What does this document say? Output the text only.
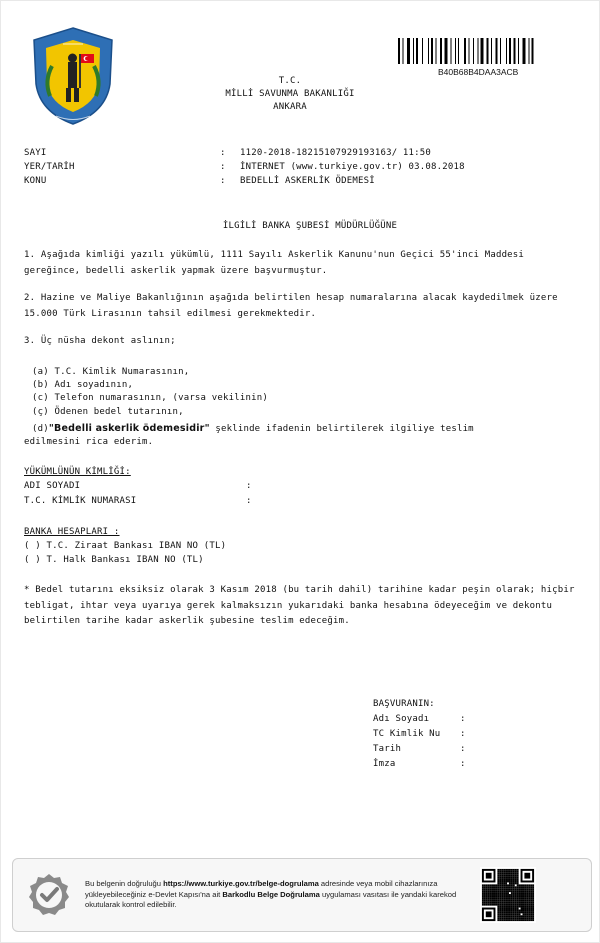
B40B68B4DAA3ACB
T.C.
MİLLİ SAVUNMA BAKANLIĞI
ANKARA
SAYI	: 1120-2018-18215107929193163/ 11:50
YER/TARİH	: İNTERNET (www.turkiye.gov.tr) 03.08.2018
KONU	: BEDELLİ ASKERLİK ÖDEMESİ
İLGİLİ BANKA ŞUBESİ MÜDÜRLÜĞÜNE
1. Aşağıda kimliği yazılı yükümlü, 1111 Sayılı Askerlik Kanunu'nun Geçici 55'inci Maddesi gereğince, bedelli askerlik yapmak üzere başvurmuştur.
2. Hazine ve Maliye Bakanlığının aşağıda belirtilen hesap numaralarına alacak kaydedilmek üzere 15.000 Türk Lirasının tahsil edilmesi gerekmektedir.
3. Üç nüsha dekont aslının;
(a) T.C. Kimlik Numarasının,
(b) Adı soyadının,
(c) Telefon numarasının, (varsa vekilinin)
(ç) Ödenen bedel tutarının,
(d)"Bedelli askerlik ödemesidir" şeklinde ifadenin belirtilerek ilgiliye teslim
edilmesini rica ederim.
YÜKÜMLÜNÜN KİMLİĞİ:
ADI SOYADI	:
T.C. KİMLİK NUMARASI	:
BANKA HESAPLARI :
( ) T.C. Ziraat Bankası IBAN NO (TL)
( ) T. Halk Bankası IBAN NO (TL)
* Bedel tutarını eksiksiz olarak 3 Kasım 2018 (bu tarih dahil) tarihine kadar peşin olarak; hiçbir tebligat, ihtar veya uyarıya gerek kalmaksızın yukarıdaki banka hesabına ödeyeceğim ve dekontu belirtilen tarihe kadar askerlik şubesine teslim edeceğim.
BAŞVURANIN:
Adı Soyadı	:
TC Kimlik Nu :
Tarih	:
İmza	:
Bu belgenin doğruluğu https://www.turkiye.gov.tr/belge-dogrulama adresinde veya mobil cihazlarınıza yükleyebileceğiniz e-Devlet Kapısı'na ait Barkodlu Belge Doğrulama uygulaması vasıtası ile yandaki karekod okutularak kontrol edilebilir.
